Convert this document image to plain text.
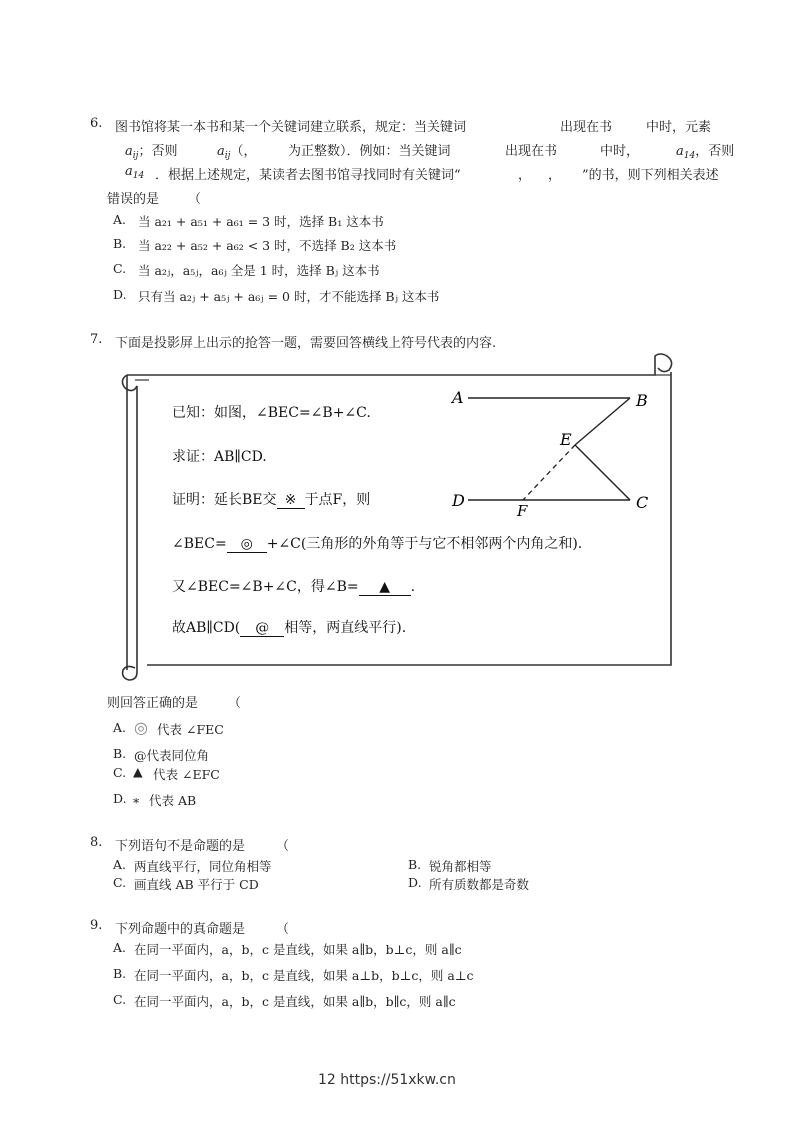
6. 图书馆将某一本书和某一个关键词建立联系，规定：当关键词	出现在书	中时，元素
$a_{ij}$；否则	$a_{ij}$（， 为正整数）．例如：当关键词	出现在书	中时，	$a_{14}$，否则
$a_{14}$ ．根据上述规定，某读者去图书馆寻找同时有关键词“	， ， ”的书，则下列相关表述
错误的是 （
A. 当 a₂₁ + a₅₁ + a₆₁ = 3 时，选择 B₁ 这本书
B. 当 a₂₂ + a₅₂ + a₆₂ < 3 时，不选择 B₂ 这本书
C. 当 a₂ⱼ，a₅ⱼ，a₆ⱼ 全是 1 时，选择 Bⱼ 这本书
D. 只有当 a₂ⱼ + a₅ⱼ + a₆ⱼ = 0 时，才不能选择 Bⱼ 这本书
7. 下面是投影屏上出示的抢答一题，需要回答横线上符号代表的内容.
已知：如图，∠BEC=∠B+∠C.
求证：AB∥CD.
证明：延长BE交 ※ 于点F，则
∠BEC= ◎ +∠C(三角形的外角等于与它不相邻两个内角之和).
又∠BEC=∠B+∠C，得∠B= ▲ .
故AB∥CD( @ 相等，两直线平行).
A	B
E
D	C
F
则回答正确的是 （
A. ◎ 代表 ∠FEC
B. @代表同位角
C. ▲ 代表 ∠EFC
D. ⁎ 代表 AB
8. 下列语句不是命题的是 （
A. 两直线平行，同位角相等	B. 锐角都相等
C. 画直线 AB 平行于 CD	D. 所有质数都是奇数
9. 下列命题中的真命题是 （
A. 在同一平面内，a，b，c 是直线，如果 a∥b，b⊥c，则 a∥c
B. 在同一平面内，a，b，c 是直线，如果 a⊥b，b⊥c，则 a⊥c
C. 在同一平面内，a，b，c 是直线，如果 a∥b，b∥c，则 a∥c
12 https://51xkw.cn
